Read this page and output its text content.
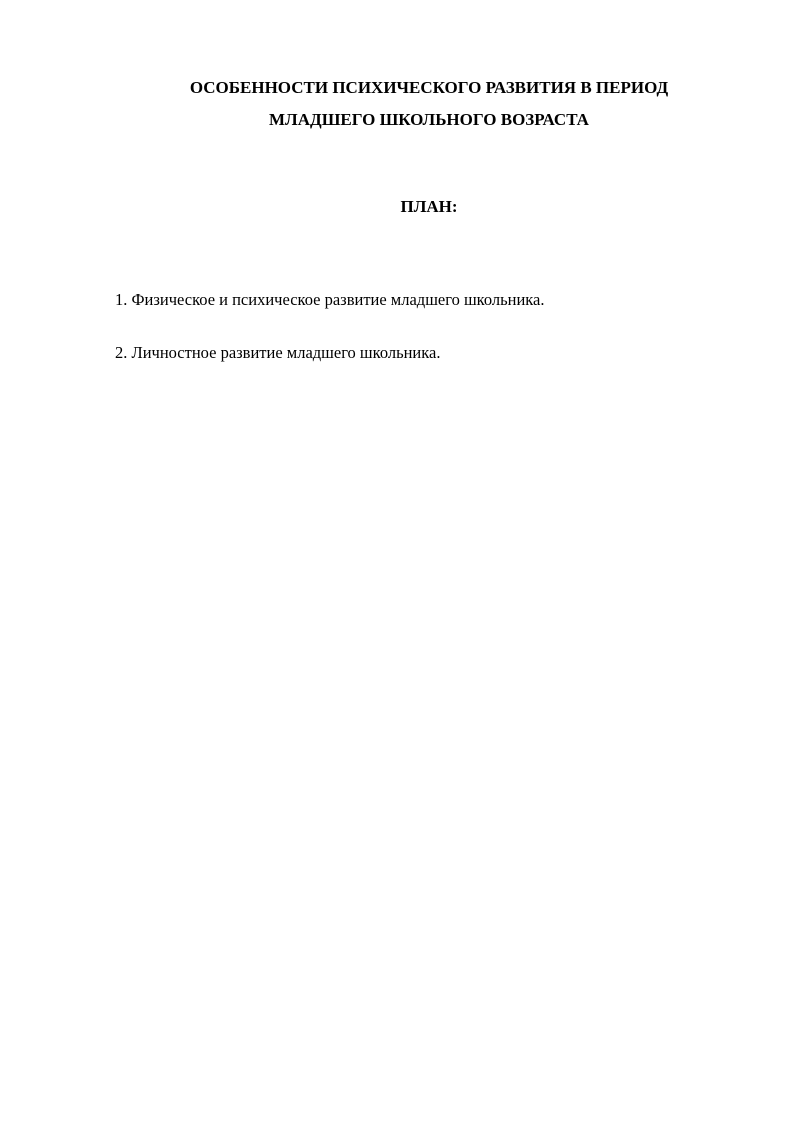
ОСОБЕННОСТИ ПСИХИЧЕСКОГО РАЗВИТИЯ В ПЕРИОД
МЛАДШЕГО ШКОЛЬНОГО ВОЗРАСТА
ПЛАН:
1. Физическое и психическое развитие младшего школьника.
2. Личностное развитие младшего школьника.
